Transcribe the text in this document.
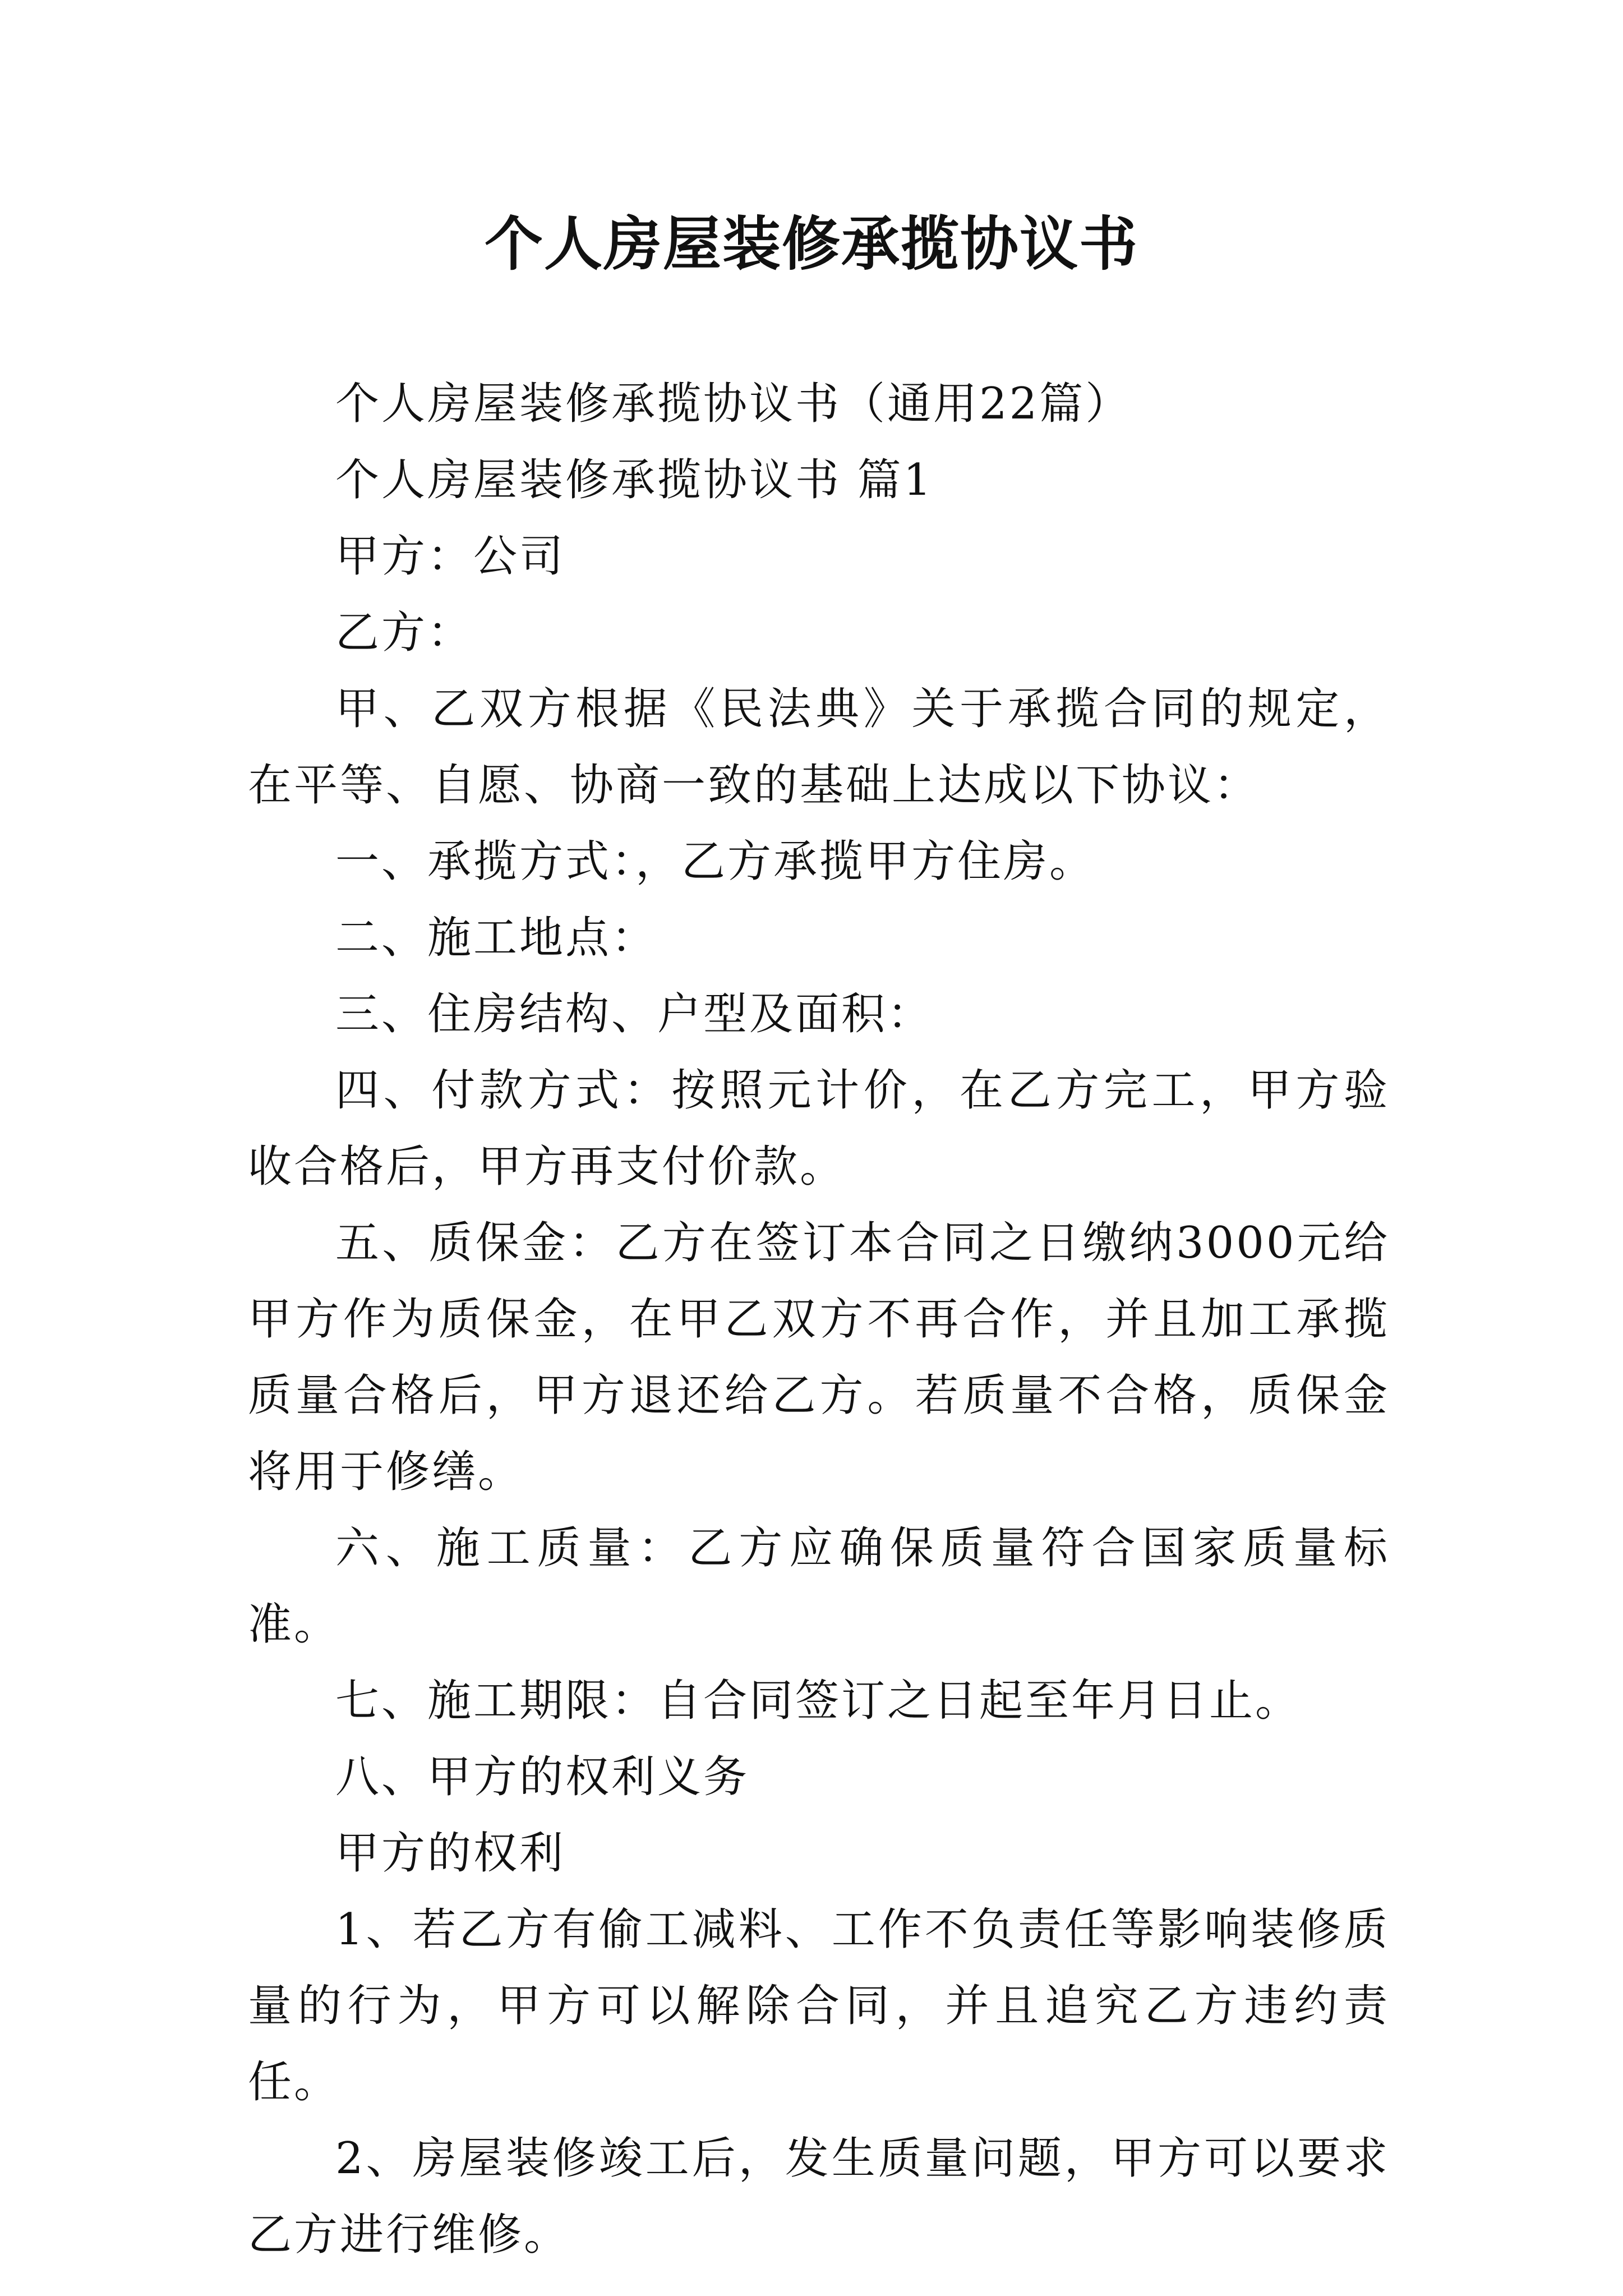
个人房屋装修承揽协议书

个人房屋装修承揽协议书（通用22篇）

个人房屋装修承揽协议书 篇1

甲方：公司

乙方：

甲、乙双方根据《民法典》关于承揽合同的规定，在平等、自愿、协商一致的基础上达成以下协议：

一、承揽方式：，乙方承揽甲方住房。

二、施工地点：

三、住房结构、户型及面积：

四、付款方式：按照元计价，在乙方完工，甲方验收合格后，甲方再支付价款。

五、质保金：乙方在签订本合同之日缴纳3000元给甲方作为质保金，在甲乙双方不再合作，并且加工承揽质量合格后，甲方退还给乙方。若质量不合格，质保金将用于修缮。

六、施工质量：乙方应确保质量符合国家质量标准。

七、施工期限：自合同签订之日起至年月日止。

八、甲方的权利义务

甲方的权利

1、若乙方有偷工减料、工作不负责任等影响装修质量的行为，甲方可以解除合同，并且追究乙方违约责任。

2、房屋装修竣工后，发生质量问题，甲方可以要求乙方进行维修。
